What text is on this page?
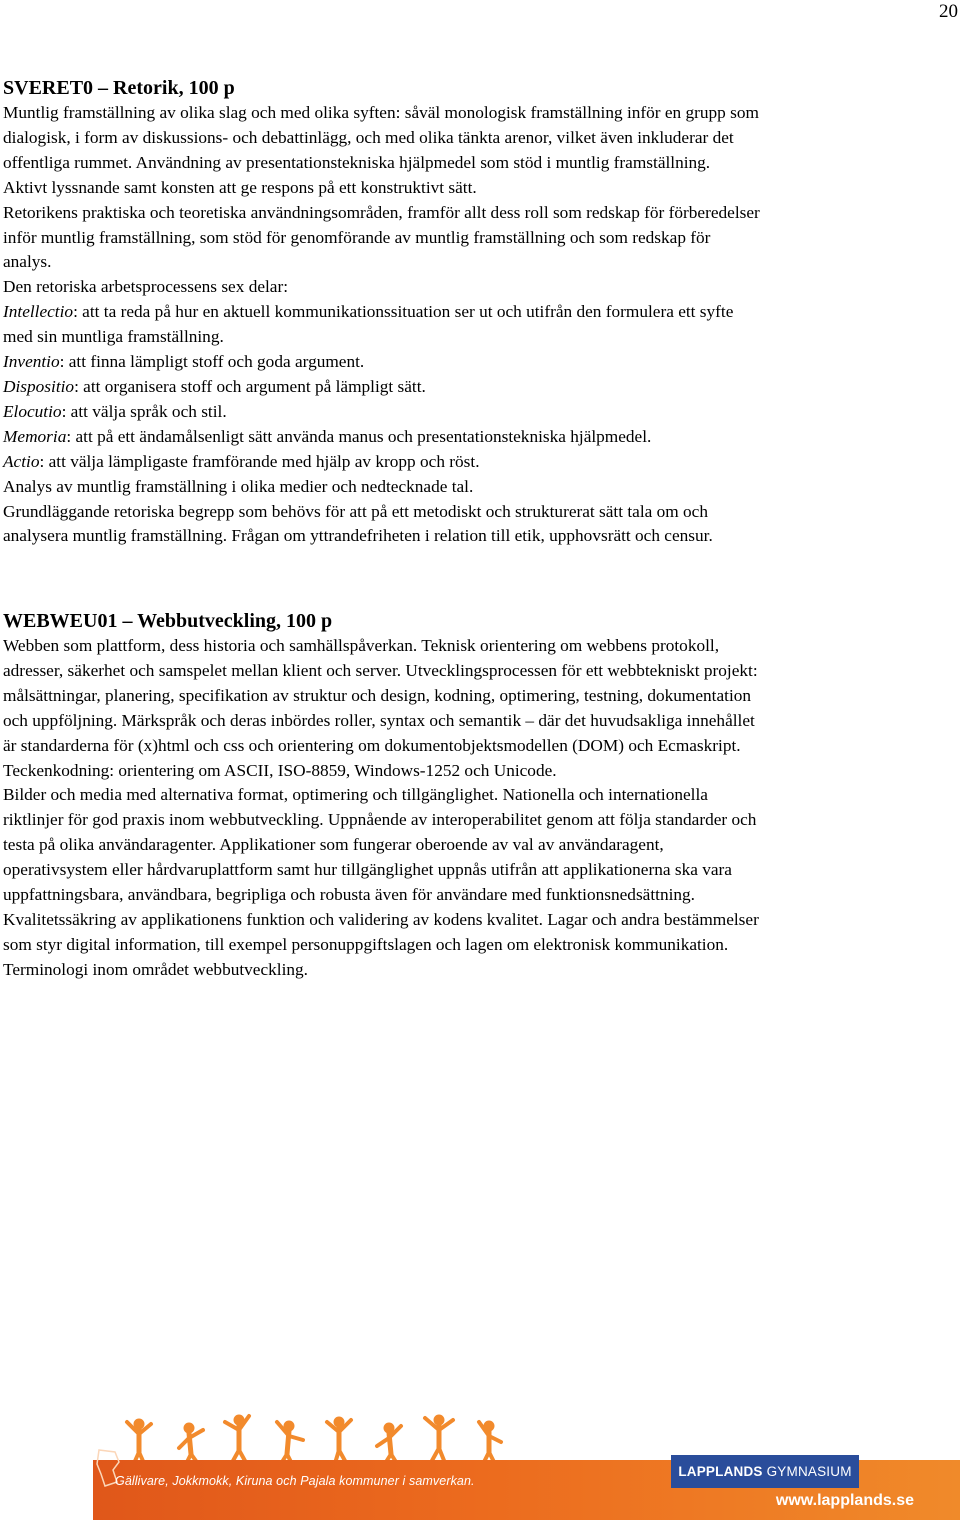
20

SVERET0 – Retorik, 100 p

Muntlig framställning av olika slag och med olika syften: såväl monologisk framställning inför en grupp som

dialogisk, i form av diskussions- och debattinlägg, och med olika tänkta arenor, vilket även inkluderar det

offentliga rummet. Användning av presentationstekniska hjälpmedel som stöd i muntlig framställning.

Aktivt lyssnande samt konsten att ge respons på ett konstruktivt sätt.

Retorikens praktiska och teoretiska användningsområden, framför allt dess roll som redskap för förberedelser

inför muntlig framställning, som stöd för genomförande av muntlig framställning och som redskap för

analys.

Den retoriska arbetsprocessens sex delar:

Intellectio: att ta reda på hur en aktuell kommunikationssituation ser ut och utifrån den formulera ett syfte

med sin muntliga framställning.

Inventio: att finna lämpligt stoff och goda argument.

Dispositio: att organisera stoff och argument på lämpligt sätt.

Elocutio: att välja språk och stil.

Memoria: att på ett ändamålsenligt sätt använda manus och presentationstekniska hjälpmedel.

Actio: att välja lämpligaste framförande med hjälp av kropp och röst.

Analys av muntlig framställning i olika medier och nedtecknade tal.

Grundläggande retoriska begrepp som behövs för att på ett metodiskt och strukturerat sätt tala om och

analysera muntlig framställning. Frågan om yttrandefriheten i relation till etik, upphovsrätt och censur.

WEBWEU01 – Webbutveckling, 100 p

Webben som plattform, dess historia och samhällspåverkan. Teknisk orientering om webbens protokoll,

adresser, säkerhet och samspelet mellan klient och server. Utvecklingsprocessen för ett webbtekniskt projekt:

målsättningar, planering, specifikation av struktur och design, kodning, optimering, testning, dokumentation

och uppföljning. Märkspråk och deras inbördes roller, syntax och semantik – där det huvudsakliga innehållet

är standarderna för (x)html och css och orientering om dokumentobjektsmodellen (DOM) och Ecmaskript.

Teckenkodning: orientering om ASCII, ISO-8859, Windows-1252 och Unicode.

Bilder och media med alternativa format, optimering och tillgänglighet. Nationella och internationella

riktlinjer för god praxis inom webbutveckling. Uppnående av interoperabilitet genom att följa standarder och

testa på olika användaragenter. Applikationer som fungerar oberoende av val av användaragent,

operativsystem eller hårdvaruplattform samt hur tillgänglighet uppnås utifrån att applikationerna ska vara

uppfattningsbara, användbara, begripliga och robusta även för användare med funktionsnedsättning.

Kvalitetssäkring av applikationens funktion och validering av kodens kvalitet. Lagar och andra bestämmelser

som styr digital information, till exempel personuppgiftslagen och lagen om elektronisk kommunikation.

Terminologi inom området webbutveckling.

LAPPLANDS GYMNASIUM
Gällivare, Jokkmokk, Kiruna och Pajala kommuner i samverkan.
www.lapplands.se
